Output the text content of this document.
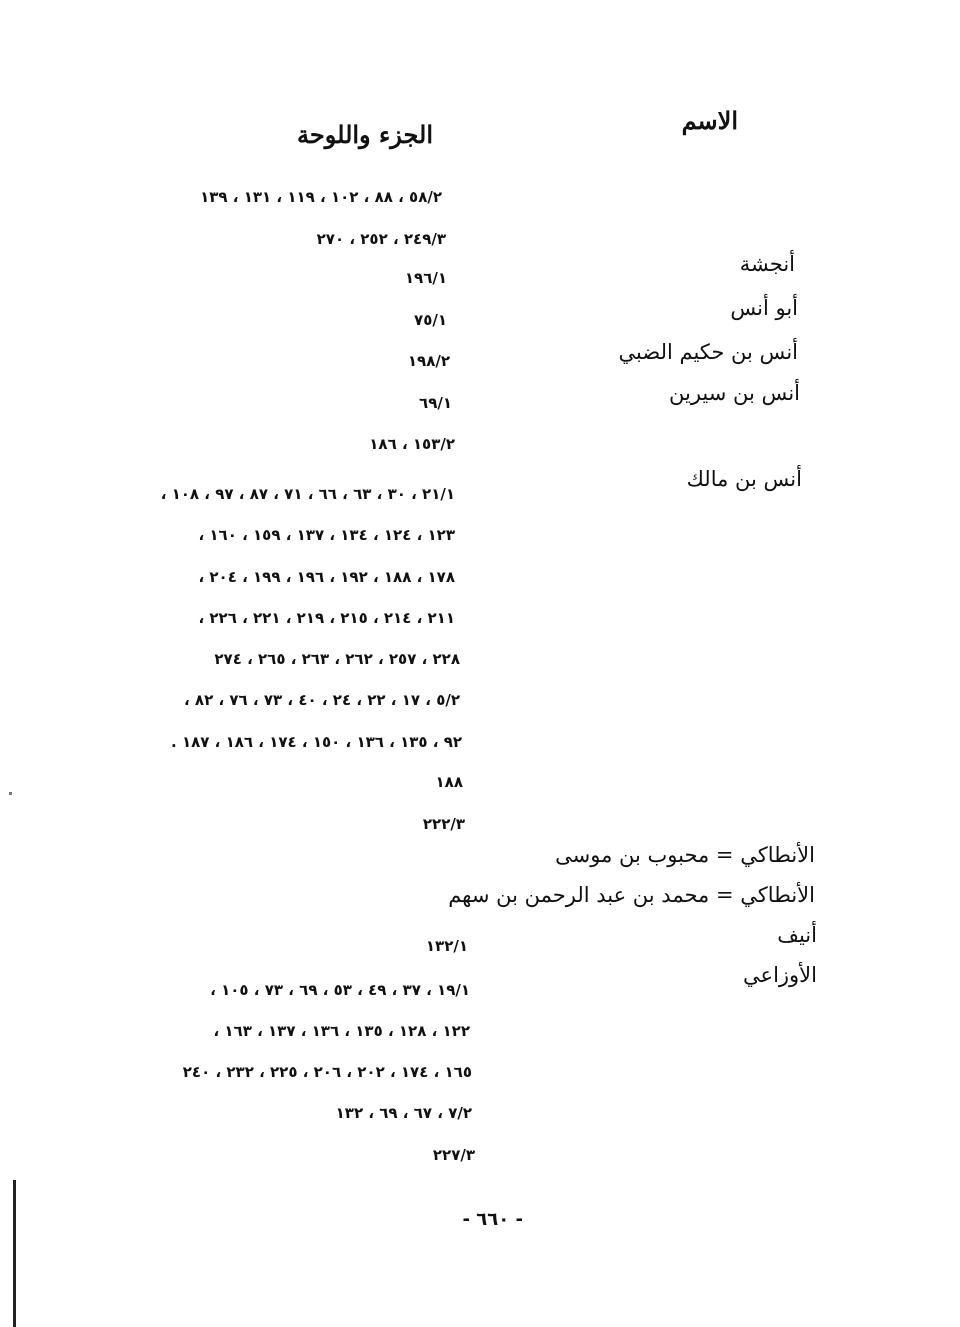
الاسم
الجزء واللوحة
أنجشة
أبو أنس
أنس بن حكيم الضبي
أنس بن سيرين
أنس بن مالك
الأنطاكي = محبوب بن موسى
الأنطاكي = محمد بن عبد الرحمن بن سهم
أنيف
الأوزاعي
٥٨/٢ ، ٨٨ ، ١٠٢ ، ١١٩ ، ١٣١ ، ١٣٩
٢٤٩/٣ ، ٢٥٢ ، ٢٧٠
١٩٦/١
٧٥/١
١٩٨/٢
٦٩/١
١٥٣/٢ ، ١٨٦
٢١/١ ، ٣٠ ، ٦٣ ، ٦٦ ، ٧١ ، ٨٧ ، ٩٧ ، ١٠٨ ،
١٢٣ ، ١٢٤ ، ١٣٤ ، ١٣٧ ، ١٥٩ ، ١٦٠ ،
١٧٨ ، ١٨٨ ، ١٩٢ ، ١٩٦ ، ١٩٩ ، ٢٠٤ ،
٢١١ ، ٢١٤ ، ٢١٥ ، ٢١٩ ، ٢٢١ ، ٢٢٦ ،
٢٢٨ ، ٢٥٧ ، ٢٦٢ ، ٢٦٣ ، ٢٦٥ ، ٢٧٤
٥/٢ ، ١٧ ، ٢٢ ، ٢٤ ، ٤٠ ، ٧٣ ، ٧٦ ، ٨٢ ،
٩٢ ، ١٣٥ ، ١٣٦ ، ١٥٠ ، ١٧٤ ، ١٨٦ ، ١٨٧ .
١٨٨
٢٢٢/٣
١٣٢/١
١٩/١ ، ٣٧ ، ٤٩ ، ٥٣ ، ٦٩ ، ٧٣ ، ١٠٥ ،
١٢٢ ، ١٢٨ ، ١٣٥ ، ١٣٦ ، ١٣٧ ، ١٦٣ ،
١٦٥ ، ١٧٤ ، ٢٠٢ ، ٢٠٦ ، ٢٢٥ ، ٢٣٢ ، ٢٤٠
٧/٢ ، ٦٧ ، ٦٩ ، ١٣٢
٢٢٧/٣
- ٦٦٠ -
